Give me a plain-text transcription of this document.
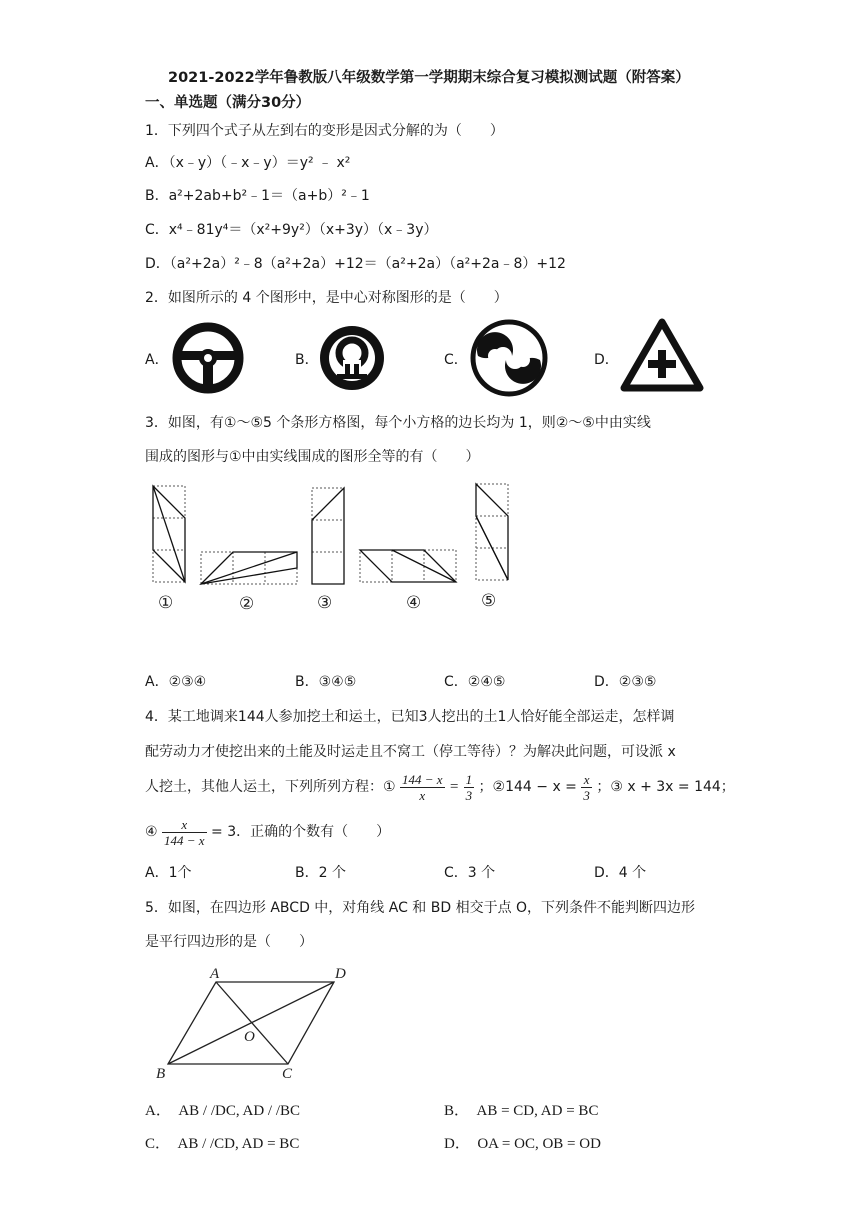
2021-2022学年鲁教版八年级数学第一学期期末综合复习模拟测试题（附答案）
一、单选题（满分30分）
1．下列四个式子从左到右的变形是因式分解的为（　　）
A．（x﹣y）（﹣x﹣y）＝y² ﹣ x²
B．a²+2ab+b²﹣1＝（a+b）²﹣1
C．x⁴﹣81y⁴＝（x²+9y²）（x+3y）（x﹣3y）
D．（a²+2a）²﹣8（a²+2a）+12＝（a²+2a）（a²+2a﹣8）+12
2．如图所示的 4 个图形中，是中心对称图形的是（　　）
A．	B．	C．	D．
3．如图，有①～⑤5 个条形方格图，每个小方格的边长均为 1，则②～⑤中由实线
围成的图形与①中由实线围成的图形全等的有（　　）
A．②③④	B．③④⑤	C．②④⑤	D．②③⑤
4．某工地调来144人参加挖土和运土，已知3人挖出的土1人恰好能全部运走，怎样调
配劳动力才使挖出来的土能及时运走且不窝工（停工等待）？为解决此问题，可设派 x
人挖土，其他人运土，下列所列方程：① $\frac{144 - x}{x} = \frac{1}{3}$ ；②144 − $x = \frac{x}{3}$ ；③ x + 3x = 144；
④ $\frac{x}{144 - x} = 3$．正确的个数有（　　）
A．1个	B．2 个	C．3 个	D．4 个
5．如图，在四边形 ABCD 中，对角线 AC 和 BD 相交于点 O，下列条件不能判断四边形
是平行四边形的是（　　）
A	D
O
B	C
A．　AB / /DC, AD / /BC	B．　AB = CD, AD = BC
C．　AB / /CD, AD = BC	D．　OA = OC, OB = OD
①	②	③	④	⑤
